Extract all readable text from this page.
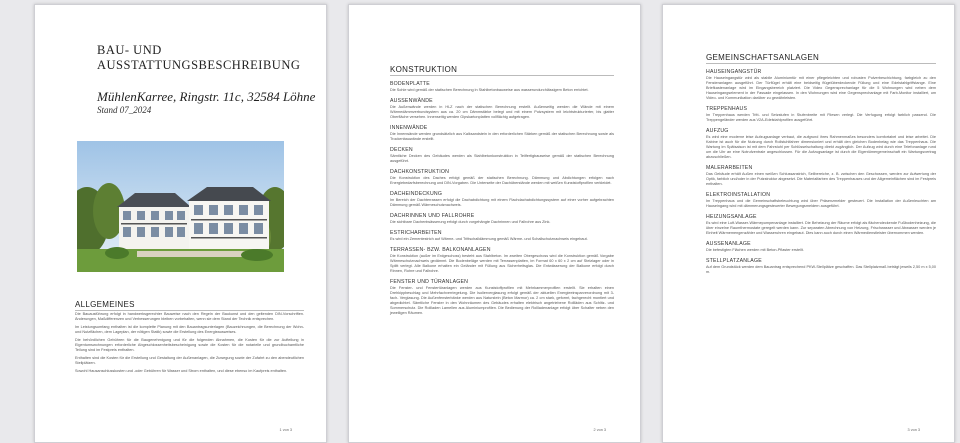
BAU- UND
AUSSTATTUNGSBESCHREIBUNG
MühlenKarree, Ringstr. 11c, 32584 Löhne
Stand 07_2024
ALLGEMEINES
Die Bauausführung erfolgt in handwerksgerechter Bauweise nach den Regeln der Baukunst und den geltenden DIN-Vorschriften. Änderungen, Maßdifferenzen und Verbesserungen bleiben vorbehalten, wenn sie dem Stand der Technik entsprechen.
Im Leistungsumfang enthalten ist die komplette Planung mit den Bauantragsunterlagen (Bauzeichnungen, die Berechnung der Wohn- und Nutzflächen, dem Lageplan, der nötigen Statik) sowie die Erstellung des Energieausweises.
Die behördlichen Gebühren für die Baugenehmigung und für die folgenden Abnahmen, die Kosten für die zur Aufteilung in Eigentumswohnungen erforderliche Abgeschlossenheitsbescheinigung sowie die Kosten für die notarielle und grundbuchamtliche Teilung sind im Festpreis enthalten.
Enthalten sind die Kosten für die Erstellung und Gestaltung der Außenanlagen, die Zuwegung sowie der Zufahrt zu den abendeutlichen Stellplätzen.
Sowohl Hausanschlusskosten und -oder Gebühren für Wasser und Strom enthalten, und diese ebenso im Kaufpreis enthalten.
1 von 3
KONSTRUKTION
BODENPLATTE
Die Sohle wird gemäß der statischen Berechnung in Stahlbetonbauweise aus wasserundurchlässigem Beton errichtet.
AUSSENWÄNDE
Die Außenwände werden in HLZ nach der statischen Berechnung erstellt. Außenseitig werden die Wände mit einem Wärmedämmverbundsystem aus ca. 20 cm Dämmstärke belegt und mit einem Putzsystem mit leichtstrukturierter, bis glatter Oberfläche versehen. Innenseitig werden Gipskartonplatten vollflächig aufgetragen.
INNENWÄNDE
Die Innenwände werden grundsätzlich aus Kalksandstein in den erforderlichen Stärken gemäß der statischen Berechnung sowie als Trockenbauwände erstellt.
DECKEN
Sämtliche Decken des Gebäudes werden als Stahlbetonkonstruktion in Teilfertigbauweise gemäß der statischen Berechnung ausgeführt.
DACHKONSTRUKTION
Die Konstruktion des Daches erfolgt gemäß der statischen Berechnung. Dämmung und Abdichtungen erfolgen nach Energiebedarfsberechnung und DIN-Vorgaben. Die Unterseite der Dachüberstände werden mit weißen Kunststoffprofilen verkleidet.
DACHEINDECKUNG
Im Bereich der Dachterrassen erfolgt die Dachabdichtung mit einem Flachdachabdichtungssystem auf einer vorher aufgebrachten Dämmung gemäß Wärmeschutznachweis.
DACHRINNEN UND FALLROHRE
Die sichtbare Dachentwässerung erfolgt durch vorgehängte Dachrinnen und Fallrohre aus Zink.
ESTRICHARBEITEN
Es wird ein Zementestrich auf Wärme- und Trittschalldämmung gemäß Wärme- und Schallschutznachweis eingebaut.
TERRASSEN- BZW. BALKONANLAGEN
Die Konstruktion (außer im Erdgeschoss) besteht aus Stahlbeton. Im zweiten Obergeschoss wird die Konstruktion gemäß Vorgabe Wärmeschutznachweis gedämmt. Die Bodenbeläge werden mit Terrassenplatten, im Format 60 x 60 x 2 cm auf Stelzlager oder in Splitt verlegt. Alle Balkone erhalten ein Geländer mit Füllung aus Sicherheitsglas. Die Entwässerung der Balkone erfolgt durch Rinnen, Rohre und Fallrohre.
FENSTER UND TÜRANLAGEN
Die Fenster- und Fenstertüranlagen werden aus Kunststoffprofilen mit Mehrkammerprofilen erstellt. Sie erhalten einen Drehkippbeschlag und Mehrfachverriegelung. Die Isolierverglasung erfolgt gemäß der aktuellen Energieeinsparverordnung mit 3-fach- Verglasung. Die Außenfensterbänke werden aus Naturstein (Beton Marmor) ca. 2 cm stark, geformt, fachgerecht montiert und abgedichtet. Sämtliche Fenster in den Wohnräumen des Gebäudes erhalten elektrisch angetriebene Rollläden aus Schlitz- und Sommerschutz. Die Rollladen Lamellen aus Aluminiumprofilen. Die Bedienung der Rollladenanlage erfolgt über Schalter neben den jeweiligen Räumen.
2 von 3
GEMEINSCHAFTSANLAGEN
HAUSEINGANGSTÜR
Die Hauseingangstür wird als stabile Aluminiumtür mit einer pflegeleichten und robusten Pulverbeschichtung, farbgleich zu den Fensteranlagen ausgeführt. Der Türflügel erhält eine beidseitig flügelüberdeckende Füllung und eine Edelstahlgriffstange. Eine Briefkastenanlage wird im Eingangsbereich platziert. Die Video Gegensprechanlage für die 5 Wohnungen wird neben dem Hauseingangselement in der Fassade eingelassen. In den Wohnungen wird eine Gegensprechanlage mit Farb-Monitor installiert, um Video- und Kommunikation darüber zu gewährleisten.
TREPPENHAUS
Im Treppenhaus werden Tritt- und Setzstufen in Stufenbreite mit Fliesen verlegt. Die Verfugung erfolgt farblich passend. Die Treppengeländer werden aus V2A-Edelstahlprofilen ausgeführt.
AUFZUG
Es wird eine moderne leise Aufzugsanlage verbaut, die aufgrund ihres Rahmenmaßes besonders komfortabel und leise arbeitet. Die Kabine ist auch für die Nutzung durch Rollstuhlfahrer dimensioniert und erhält den gleichen Bodenbelag wie das Treppenhaus. Die Wartung im Spätsaison ist mit dem Fahrstuhl per Schlüsselschaltung direkt zugänglich. Der Aufzug wird durch eine Telefonanlage rund um die Uhr an eine Notrufzentrale angeschlossen. Für die Aufzugsanlage ist durch die Eigentümergemeinschaft ein Wartungsvertrag abzuschließen.
MALERARBEITEN
Das Gebäude erhält Außen einen weißen Schlussanstrich, Seilbereiche, z. B. zwischen den Geschossen, werden zur Aufwertung der Optik, farblich und/oder in der Putzstruktur abgesetzt. Die Materialfarben des Treppenhauses und der Allgemeinflächen sind im Festpreis enthalten.
ELEKTROINSTALLATION
Im Treppenhaus und die Gemeinschaftsbeleuchtung wird über Präsenzmelder gesteuert. Die Installation der Außenleuchten am Hauseingang wird mit dämmerungsgesteuerter Bewegungsmeldern ausgeführt.
HEIZUNGSANLAGE
Es wird eine Luft-Wasser-Wärmepumpenanlage installiert. Die Beheizung der Räume erfolgt als flächendeckende Fußbodenheizung, die über einzelne Raumthermostate geregelt werden kann. Zur separaten Abrechnung von Heizung, Frischwasser und Abwasser werden je Einheit Wärmemengenzähler und Wasseruhren eingebaut. Dies kann auch durch einen Wärmedienstleister übernommen werden.
AUSSENANLAGE
Die befestigten Flächen werden mit Beton-Pflaster erstellt.
STELLPLATZANLAGE
Auf dem Grundstück werden dem Bauantrag entsprechend PKW-Stellplätze geschaffen. Das Stellplatzmaß beträgt jeweils 2,50 m x 5,00 m.
3 von 3
